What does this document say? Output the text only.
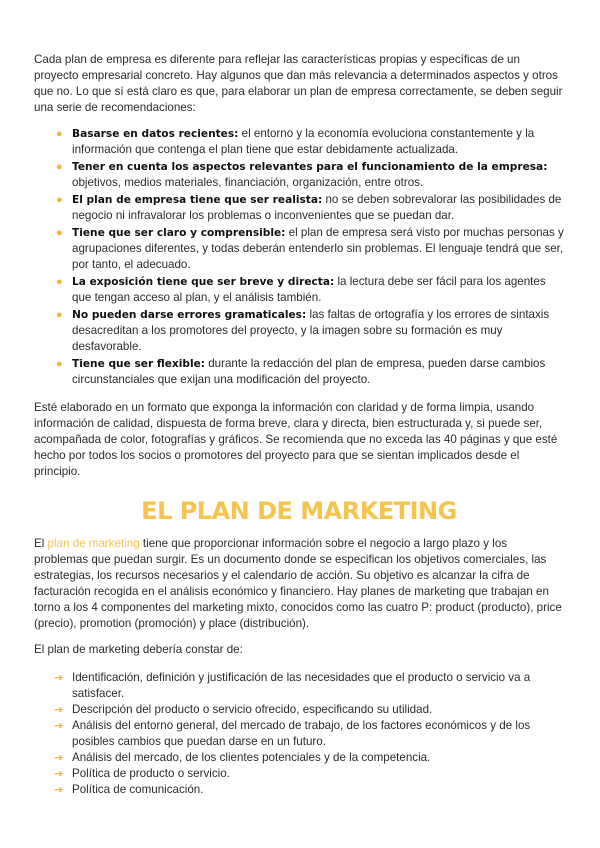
Cada plan de empresa es diferente para reflejar las características propias y específicas de un proyecto empresarial concreto. Hay algunos que dan más relevancia a determinados aspectos y otros que no. Lo que sí está claro es que, para elaborar un plan de empresa correctamente, se deben seguir una serie de recomendaciones:

● Basarse en datos recientes: el entorno y la economía evoluciona constantemente y la información que contenga el plan tiene que estar debidamente actualizada.
● Tener en cuenta los aspectos relevantes para el funcionamiento de la empresa: objetivos, medios materiales, financiación, organización, entre otros.
● El plan de empresa tiene que ser realista: no se deben sobrevalorar las posibilidades de negocio ni infravalorar los problemas o inconvenientes que se puedan dar.
● Tiene que ser claro y comprensible: el plan de empresa será visto por muchas personas y agrupaciones diferentes, y todas deberán entenderlo sin problemas. El lenguaje tendrá que ser, por tanto, el adecuado.
● La exposición tiene que ser breve y directa: la lectura debe ser fácil para los agentes que tengan acceso al plan, y el análisis también.
● No pueden darse errores gramaticales: las faltas de ortografía y los errores de sintaxis desacreditan a los promotores del proyecto, y la imagen sobre su formación es muy desfavorable.
● Tiene que ser flexible: durante la redacción del plan de empresa, pueden darse cambios circunstanciales que exijan una modificación del proyecto.

Esté elaborado en un formato que exponga la información con claridad y de forma limpia, usando información de calidad, dispuesta de forma breve, clara y directa, bien estructurada y, si puede ser, acompañada de color, fotografías y gráficos. Se recomienda que no exceda las 40 páginas y que esté hecho por todos los socios o promotores del proyecto para que se sientan implicados desde el principio.

EL PLAN DE MARKETING

El plan de marketing tiene que proporcionar información sobre el negocio a largo plazo y los problemas que puedan surgir. Es un documento donde se especifican los objetivos comerciales, las estrategias, los recursos necesarios y el calendario de acción. Su objetivo es alcanzar la cifra de facturación recogida en el análisis económico y financiero. Hay planes de marketing que trabajan en torno a los 4 componentes del marketing mixto, conocidos como las cuatro P: product (producto), price (precio), promotion (promoción) y place (distribución).

El plan de marketing debería constar de:

➔ Identificación, definición y justificación de las necesidades que el producto o servicio va a satisfacer.
➔ Descripción del producto o servicio ofrecido, especificando su utilidad.
➔ Análisis del entorno general, del mercado de trabajo, de los factores económicos y de los posibles cambios que puedan darse en un futuro.
➔ Análisis del mercado, de los clientes potenciales y de la competencia.
➔ Política de producto o servicio.
➔ Política de comunicación.
